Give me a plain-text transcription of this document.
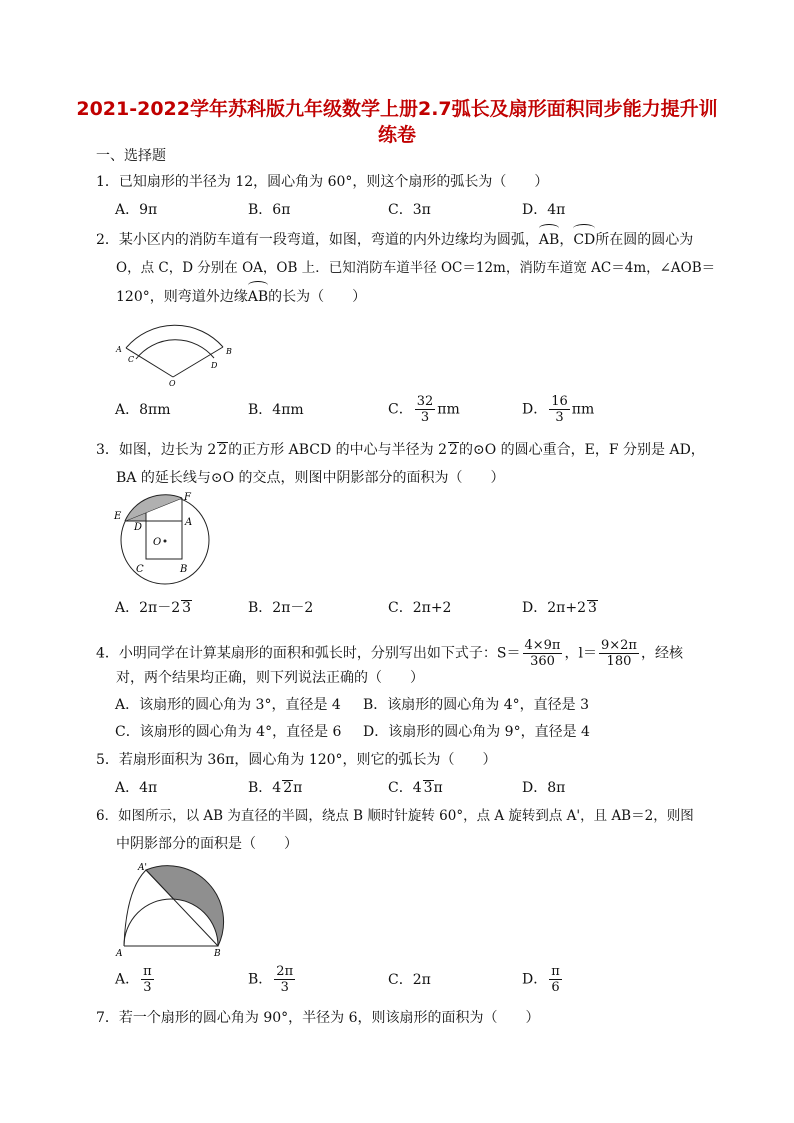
2021-2022学年苏科版九年级数学上册2.7弧长及扇形面积同步能力提升训
练卷
一、选择题
1．已知扇形的半径为 12，圆心角为 60°，则这个扇形的弧长为（　　）
A．9π	B．6π	C．3π	D．4π
2．某小区内的消防车道有一段弯道，如图，弯道的内外边缘均为圆弧，AB，CD所在圆的圆心为
O，点 C，D 分别在 OA，OB 上．已知消防车道半径 OC＝12m，消防车道宽 AC＝4m，∠AOB＝
120°，则弯道外边缘AB的长为（　　）
A
C
B
D
O
A．8πm	B．4πm	C． $\frac{32}{3}$ πm	D． $\frac{16}{3}$ πm
3．如图，边长为 2 2的正方形 ABCD 的中心与半径为 2 2的⊙O 的圆心重合，E，F 分别是 AD，
BA 的延长线与⊙O 的交点，则图中阴影部分的面积为（　　）
E
F
D	A
O
C	B
A．2π－2 3	B．2π－2	C．2π+2	D．2π+2 3
4．小明同学在计算某扇形的面积和弧长时，分别写出如下式子：$S= \frac{4\times 9\pi}{360}$ ，$l= \frac{9\times 2\pi}{180}$ ，经核
对，两个结果均正确，则下列说法正确的（　　）
A．该扇形的圆心角为 3°，直径是 4 B．该扇形的圆心角为 4°，直径是 3
C．该扇形的圆心角为 4°，直径是 6 D．该扇形的圆心角为 9°，直径是 4
5．若扇形面积为 36π，圆心角为 120°，则它的弧长为（　　）
A．4π	B．4 2π	C．4 3π	D．8π
6．如图所示，以 AB 为直径的半圆，绕点 B 顺时针旋转 60°，点 A 旋转到点 A'，且 AB＝2，则图
中阴影部分的面积是（　　）
A'
A	B
A． $\frac{\pi}{3}$	B． $\frac{2\pi}{3}$	C．2π	D． $\frac{\pi}{6}$
7．若一个扇形的圆心角为 90°，半径为 6，则该扇形的面积为（　　）
